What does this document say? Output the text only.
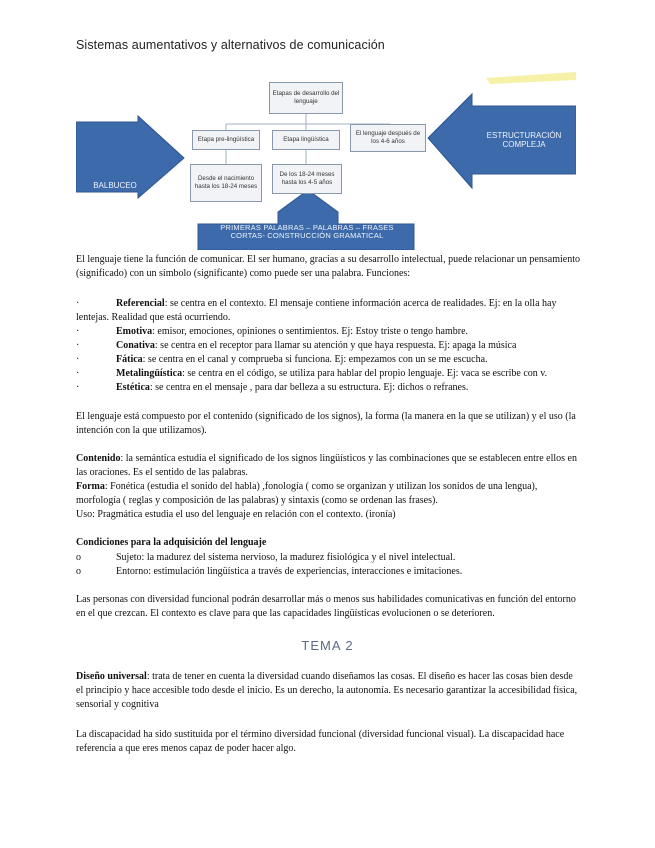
Sistemas aumentativos y alternativos de comunicación
Etapas de desarrollo del lenguaje
Etapa pre-lingüística	Etapa lingüística
El lenguaje después de los 4-6 años
Desde el nacimiento hasta los 18-24 meses
De los 18-24 meses hasta los 4-5 años
BALBUCEO
ESTRUCTURACIÓN COMPLEJA
PRIMERAS PALABRAS – PALABRAS – FRASES CORTAS- CONSTRUCCIÓN GRAMATICAL
El lenguaje tiene la función de comunicar. El ser humano, gracias a su desarrollo intelectual, puede relacionar un pensamiento (significado) con un símbolo (significante) como puede ser una palabra. Funciones:
·	Referencial: se centra en el contexto. El mensaje contiene información acerca de realidades. Ej: en la olla hay lentejas. Realidad que está ocurriendo.
·	Emotiva: emisor, emociones, opiniones o sentimientos. Ej: Estoy triste o tengo hambre.
·	Conativa: se centra en el receptor para llamar su atención y que haya respuesta. Ej: apaga la música
·	Fática: se centra en el canal y comprueba si funciona. Ej: empezamos con un se me escucha.
·	Metalingüística: se centra en el código, se utiliza para hablar del propio lenguaje. Ej: vaca se escribe con v.
·	Estética: se centra en el mensaje , para dar belleza a su estructura. Ej: dichos o refranes.
El lenguaje está compuesto por el contenido (significado de los signos), la forma (la manera en la que se utilizan) y el uso (la intención con la que utilizamos).
Contenido: la semántica estudia el significado de los signos lingüísticos y las combinaciones que se establecen entre ellos en las oraciones. Es el sentido de las palabras.
Forma: Fonética (estudia el sonido del habla) ,fonología ( como se organizan y utilizan los sonidos de una lengua), morfología ( reglas y composición de las palabras) y sintaxis (como se ordenan las frases).
Uso: Pragmática estudia el uso del lenguaje en relación con el contexto. (ironía)
Condiciones para la adquisición del lenguaje
o	Sujeto: la madurez del sistema nervioso, la madurez fisiológica y el nivel intelectual.
o	Entorno: estimulación lingüística a través de experiencias, interacciones e imitaciones.
Las personas con diversidad funcional podrán desarrollar más o menos sus habilidades comunicativas en función del entorno en el que crezcan. El contexto es clave para que las capacidades lingüísticas evolucionen o se deterioren.
TEMA 2
Diseño universal: trata de tener en cuenta la diversidad cuando diseñamos las cosas. El diseño es hacer las cosas bien desde el principio y hace accesible todo desde el inicio. Es un derecho, la autonomía. Es necesario garantizar la accesibilidad física, sensorial y cognitiva
La discapacidad ha sido sustituida por el término diversidad funcional (diversidad funcional visual). La discapacidad hace referencia a que eres menos capaz de poder hacer algo.
